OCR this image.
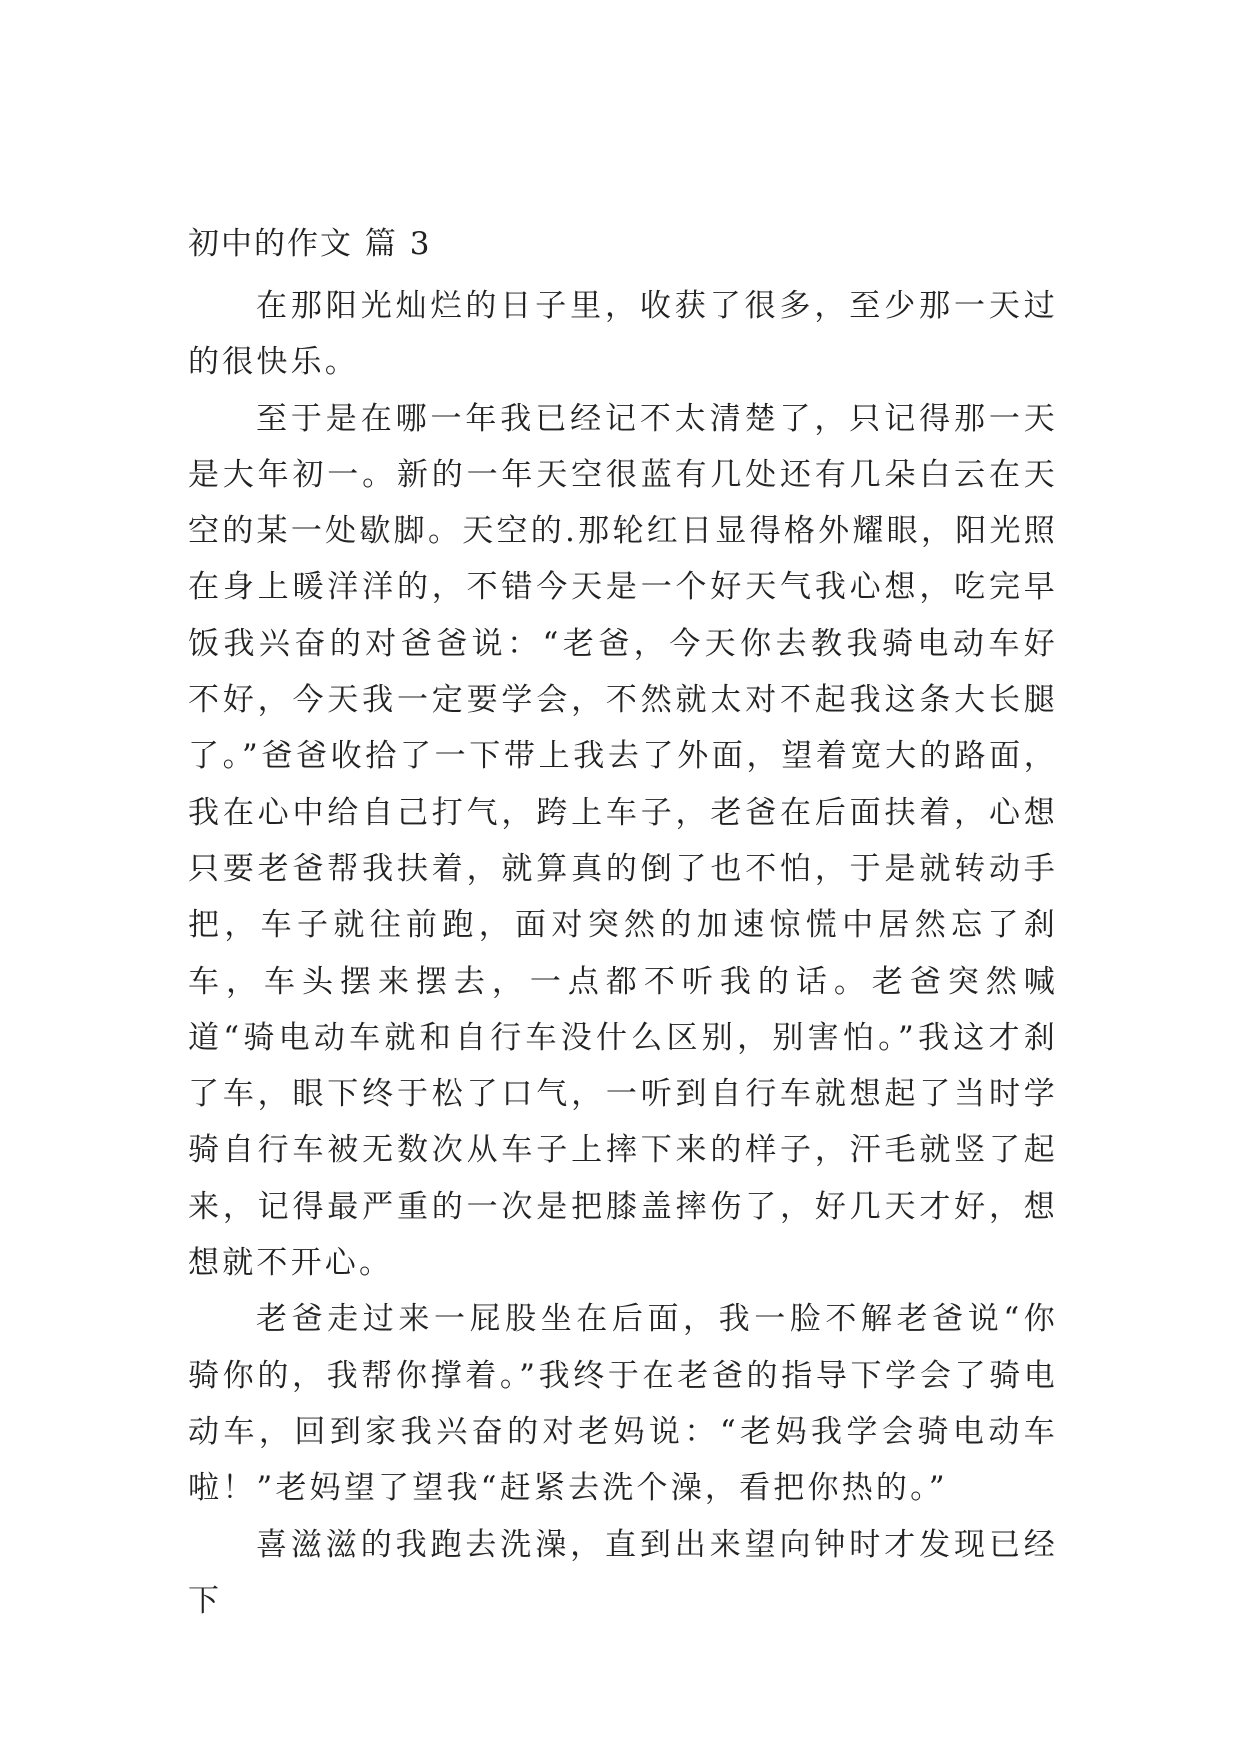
初中的作文 篇 3

在那阳光灿烂的日子里，收获了很多，至少那一天过的很快乐。

至于是在哪一年我已经记不太清楚了，只记得那一天是大年初一。新的一年天空很蓝有几处还有几朵白云在天空的某一处歇脚。天空的.那轮红日显得格外耀眼，阳光照在身上暖洋洋的，不错今天是一个好天气我心想，吃完早饭我兴奋的对爸爸说：“老爸，今天你去教我骑电动车好不好，今天我一定要学会，不然就太对不起我这条大长腿了。”爸爸收拾了一下带上我去了外面，望着宽大的路面，我在心中给自己打气，跨上车子，老爸在后面扶着，心想只要老爸帮我扶着，就算真的倒了也不怕，于是就转动手把，车子就往前跑，面对突然的加速惊慌中居然忘了刹车，车头摆来摆去，一点都不听我的话。老爸突然喊道“骑电动车就和自行车没什么区别，别害怕。”我这才刹了车，眼下终于松了口气，一听到自行车就想起了当时学骑自行车被无数次从车子上摔下来的样子，汗毛就竖了起来，记得最严重的一次是把膝盖摔伤了，好几天才好，想想就不开心。

老爸走过来一屁股坐在后面，我一脸不解老爸说“你骑你的，我帮你撑着。”我终于在老爸的指导下学会了骑电动车，回到家我兴奋的对老妈说：“老妈我学会骑电动车啦！”老妈望了望我“赶紧去洗个澡，看把你热的。”

喜滋滋的我跑去洗澡，直到出来望向钟时才发现已经下
